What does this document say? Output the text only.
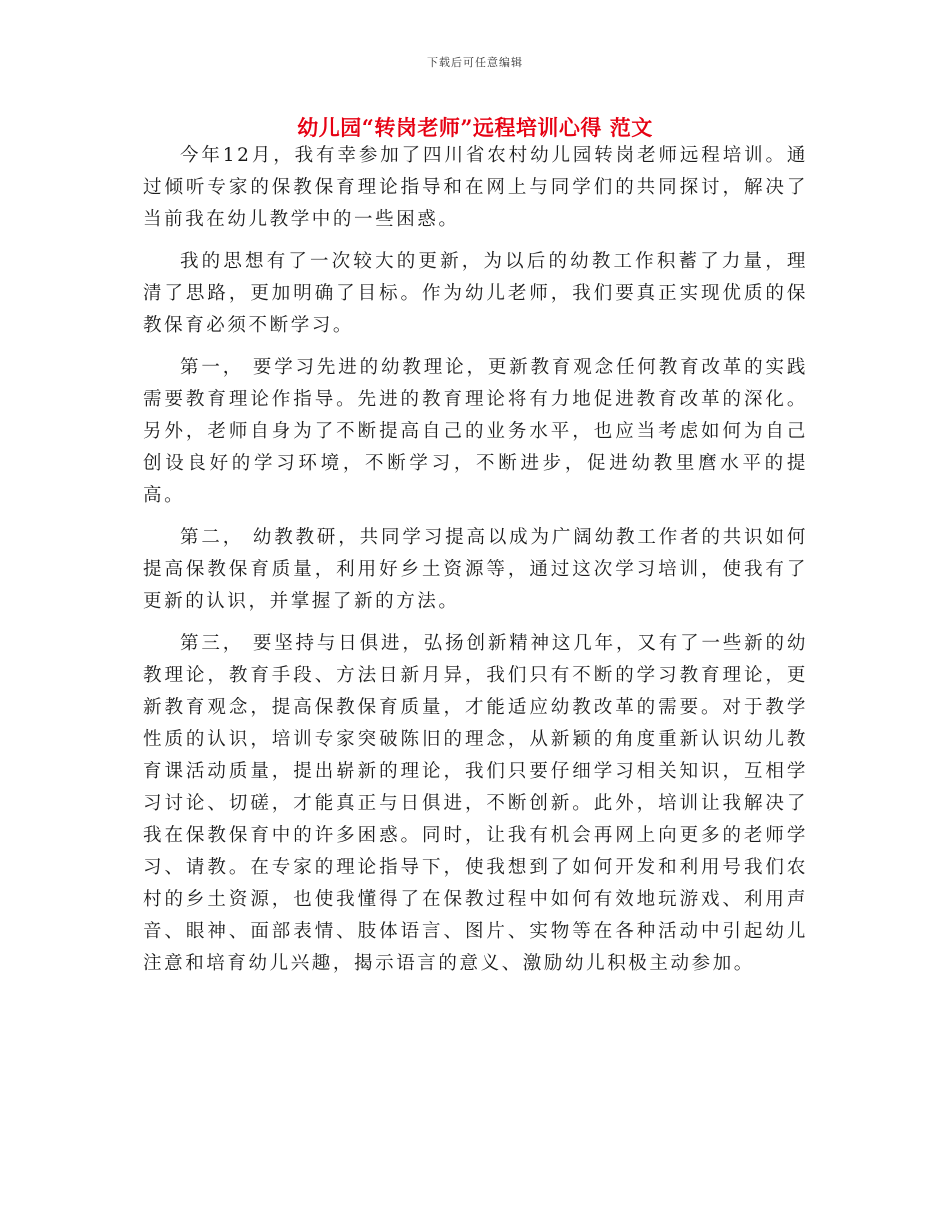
下载后可任意编辑
幼儿园“转岗老师”远程培训心得 范文

今年12月，我有幸参加了四川省农村幼儿园转岗老师远程培训。通过倾听专家的保教保育理论指导和在网上与同学们的共同探讨，解决了当前我在幼儿教学中的一些困惑。

我的思想有了一次较大的更新，为以后的幼教工作积蓄了力量，理清了思路，更加明确了目标。作为幼儿老师，我们要真正实现优质的保教保育必须不断学习。

第一， 要学习先进的幼教理论，更新教育观念任何教育改革的实践需要教育理论作指导。先进的教育理论将有力地促进教育改革的深化。另外，老师自身为了不断提高自己的业务水平，也应当考虑如何为自己创设良好的学习环境，不断学习，不断进步，促进幼教里麿水平的提高。

第二， 幼教教研，共同学习提高以成为广阔幼教工作者的共识如何提高保教保育质量，利用好乡土资源等，通过这次学习培训，使我有了更新的认识，并掌握了新的方法。

第三， 要坚持与日俱进，弘扬创新精神这几年，又有了一些新的幼教理论，教育手段、方法日新月异，我们只有不断的学习教育理论，更新教育观念，提高保教保育质量，才能适应幼教改革的需要。对于教学性质的认识，培训专家突破陈旧的理念，从新颖的角度重新认识幼儿教育课活动质量，提出崭新的理论，我们只要仔细学习相关知识，互相学习讨论、切磋，才能真正与日俱进，不断创新。此外，培训让我解决了我在保教保育中的许多困惑。同时，让我有机会再网上向更多的老师学习、请教。在专家的理论指导下，使我想到了如何开发和利用号我们农村的乡土资源，也使我懂得了在保教过程中如何有效地玩游戏、利用声音、眼神、面部表情、肢体语言、图片、实物等在各种活动中引起幼儿注意和培育幼儿兴趣，揭示语言的意义、激励幼儿积极主动参加。
